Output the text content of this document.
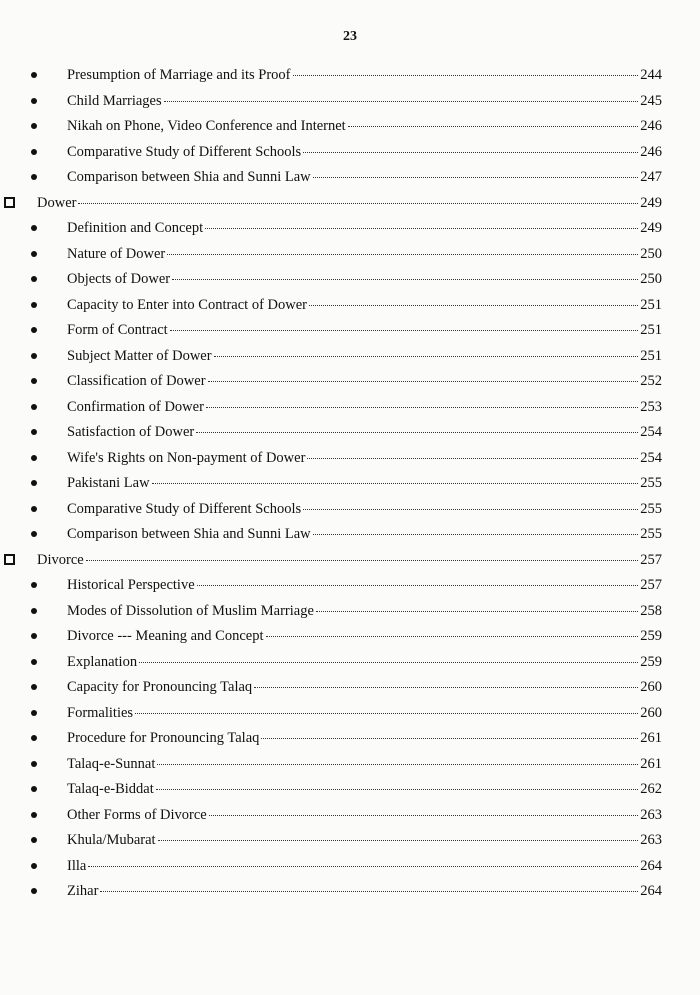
23
Presumption of Marriage and its Proof	244
Child Marriages	245
Nikah on Phone, Video Conference and Internet	246
Comparative Study of Different Schools	246
Comparison between Shia and Sunni Law	247
Dower	249
Definition and Concept	249
Nature of Dower	250
Objects of Dower	250
Capacity to Enter into Contract of Dower	251
Form of Contract	251
Subject Matter of Dower	251
Classification of Dower	252
Confirmation of Dower	253
Satisfaction of Dower	254
Wife's Rights on Non-payment of Dower	254
Pakistani Law	255
Comparative Study of Different Schools	255
Comparison between Shia and Sunni Law	255
Divorce	257
Historical Perspective	257
Modes of Dissolution of Muslim Marriage	258
Divorce --- Meaning and Concept	259
Explanation	259
Capacity for Pronouncing Talaq	260
Formalities	260
Procedure for Pronouncing Talaq	261
Talaq-e-Sunnat	261
Talaq-e-Biddat	262
Other Forms of Divorce	263
Khula/Mubarat	263
Illa	264
Zihar	264
